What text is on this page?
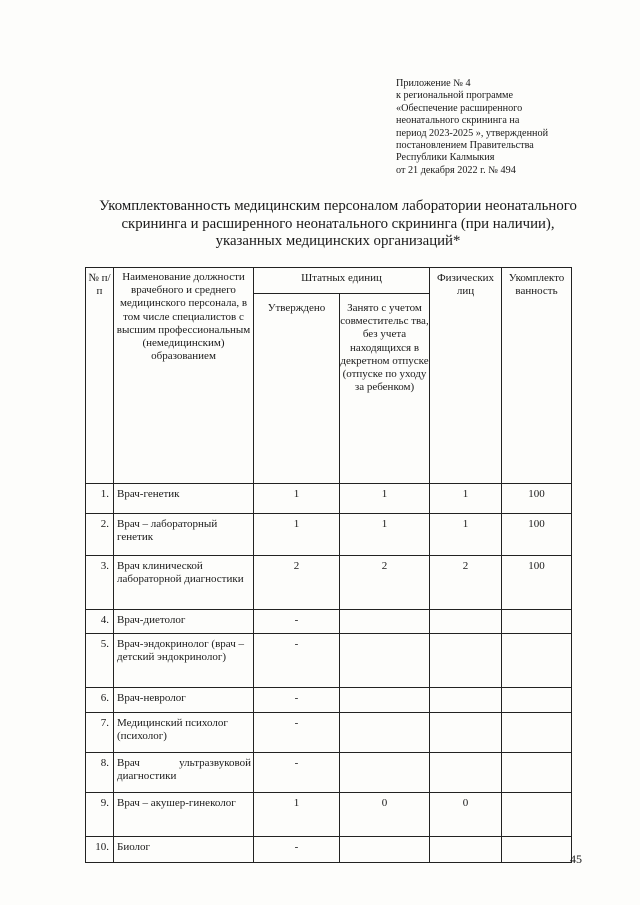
Приложение № 4
к региональной программе
«Обеспечение расширенного
неонатального скрининга на
период 2023-2025 », утвержденной
постановлением Правительства
Республики Калмыкия
от 21 декабря 2022 г. № 494
Укомплектованность медицинским персоналом лаборатории неонатального
скрининга и расширенного неонатального скрининга (при наличии),
указанных медицинских организаций*
№ п/п	Наименование должности врачебного и среднего медицинского персонала, в том числе специалистов с высшим профессиональным (немедицинским) образованием	Штатных единиц		Физических лиц	Укомплекто ванность
		Утверждено	Занято с учетом совместительс тва, без учета находящихся в декретном отпуске (отпуске по уходу за ребенком)		
1.	Врач-генетик	1	1	1	100
2.	Врач – лабораторный генетик	1	1	1	100
3.	Врач клинической лабораторной диагностики	2	2	2	100
4.	Врач-диетолог	-			
5.	Врач-эндокринолог (врач – детский эндокринолог)	-			
6.	Врач-невролог	-			
7.	Медицинский психолог (психолог)	-			
8.	Врач ультразвуковой диагностики	-			
9.	Врач – акушер-гинеколог	1	0	0	
10.	Биолог	-			
45
